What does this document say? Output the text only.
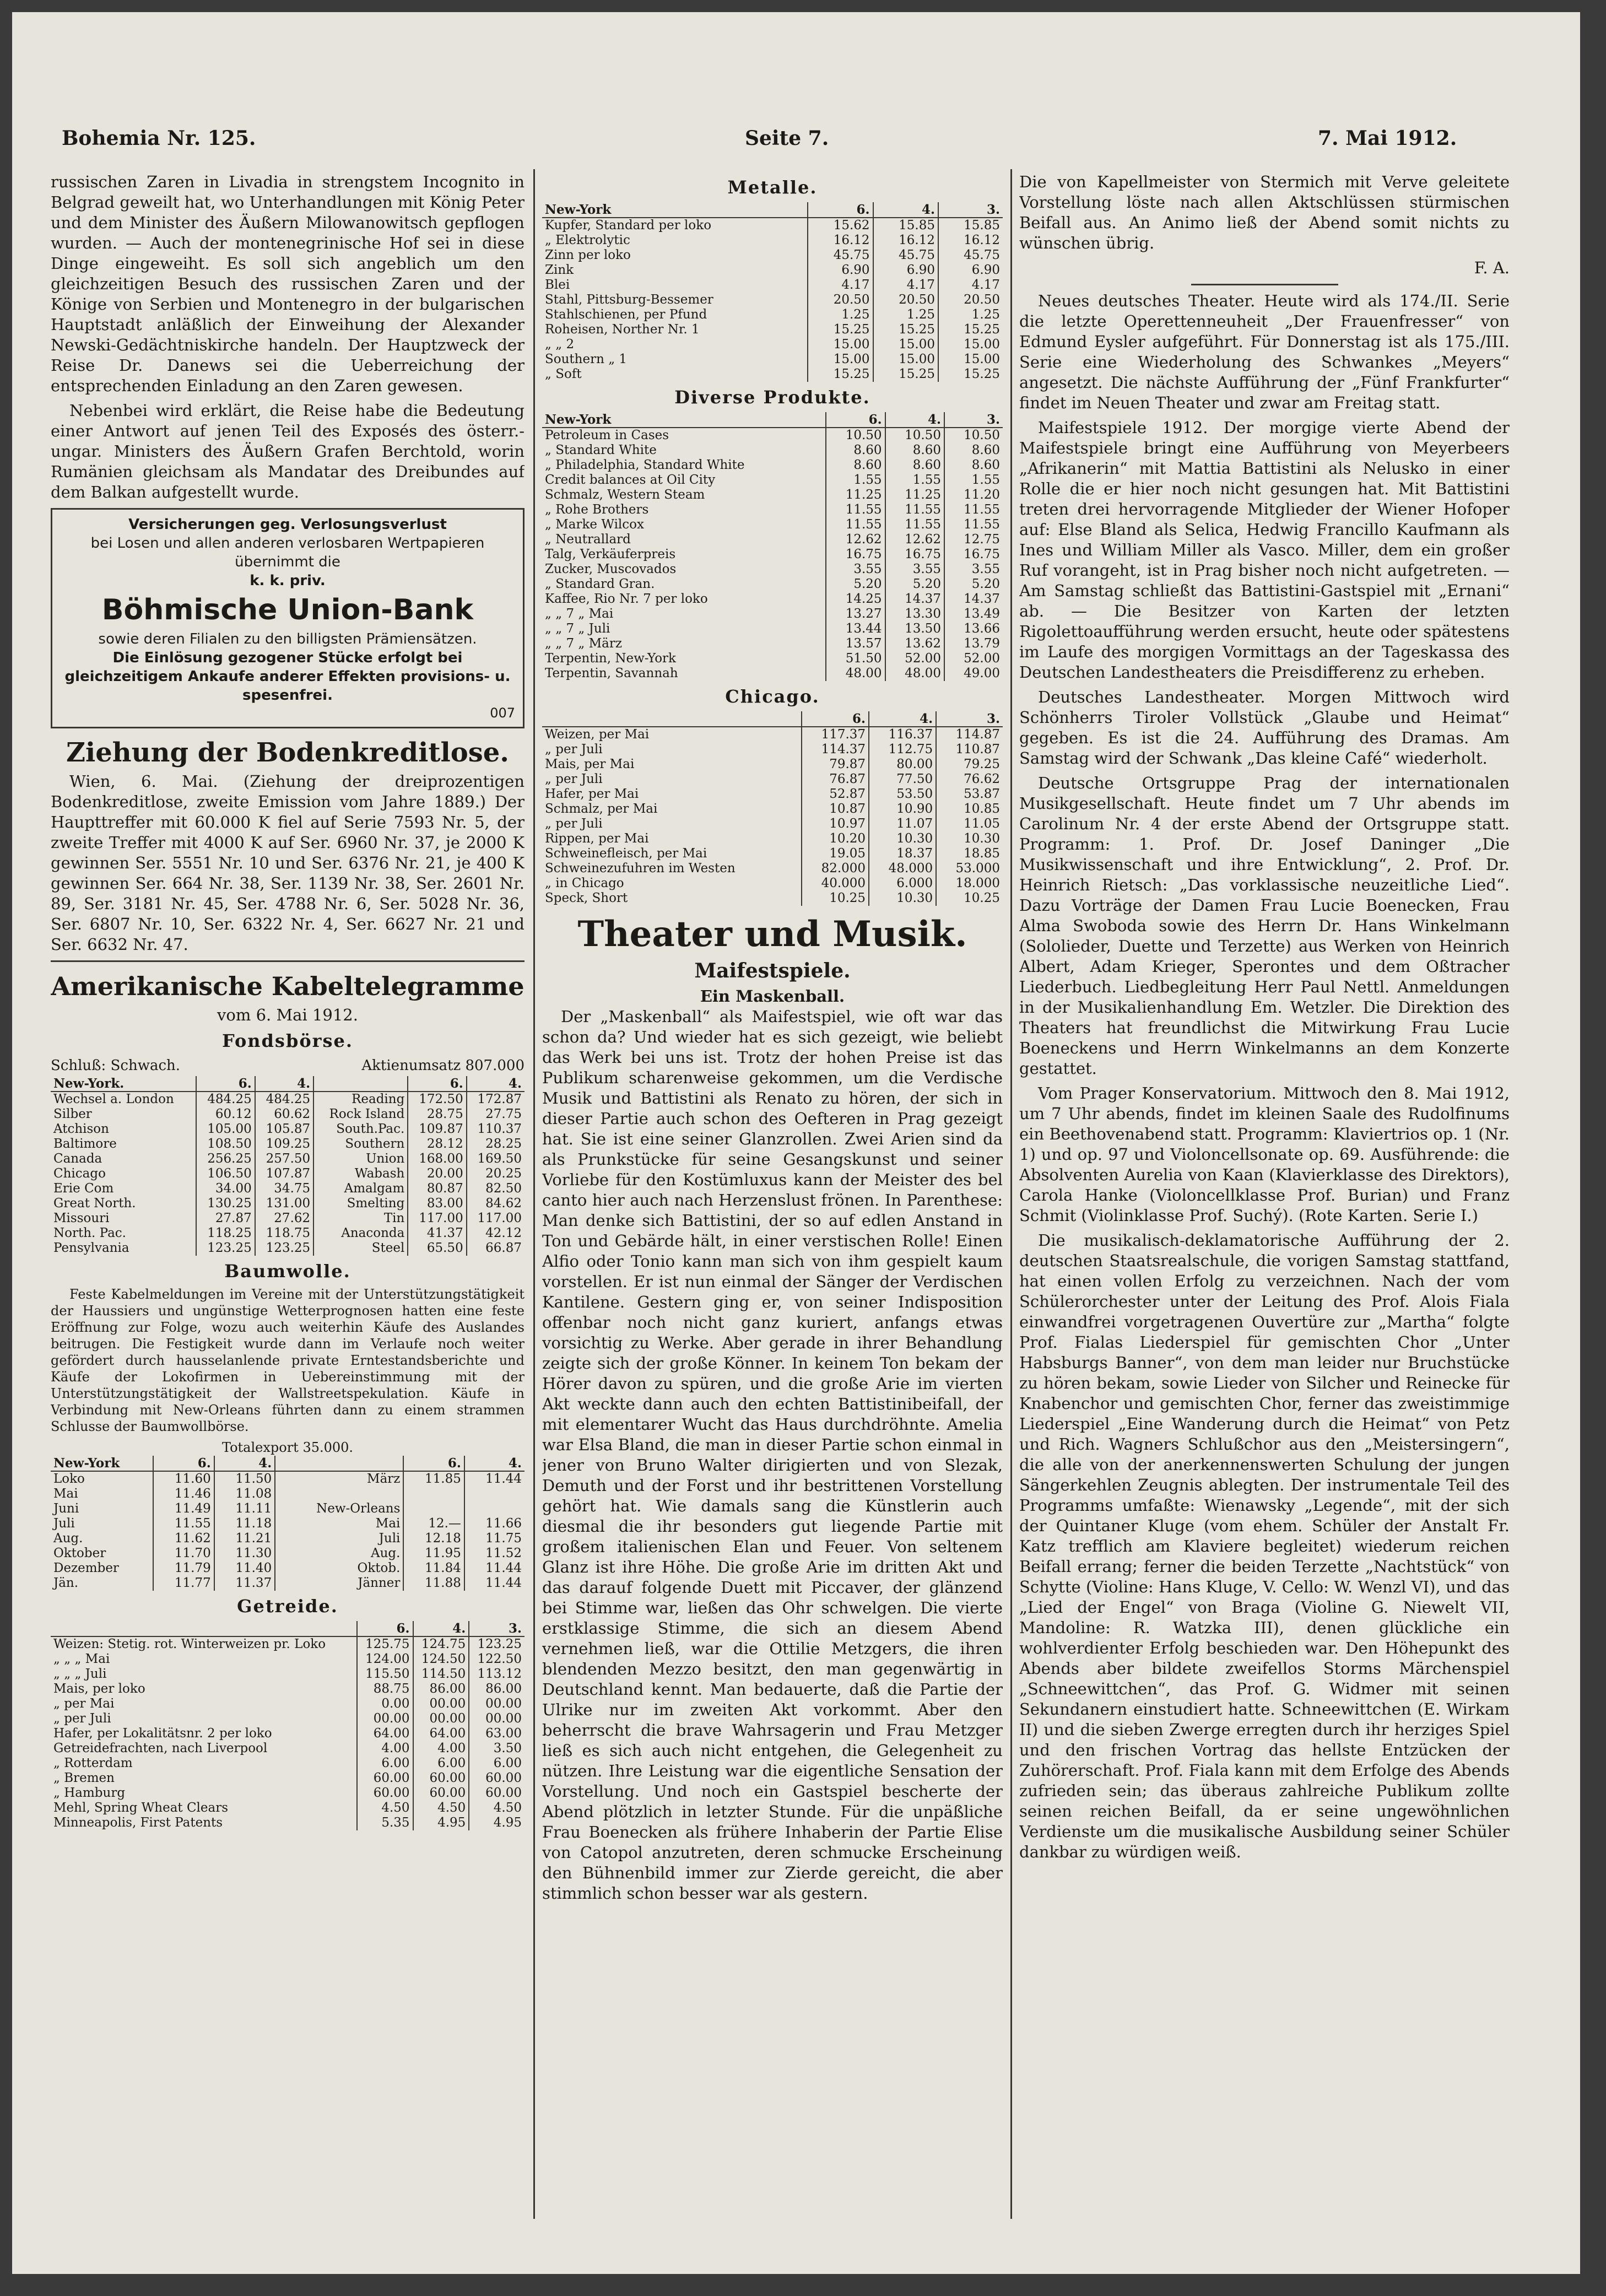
Bohemia Nr. 125.	Seite 7.	7. Mai 1912.

russischen Zaren in Livadia in strengstem Incognito in Belgrad geweilt hat, wo Unterhandlungen mit König Peter und dem Minister des Äußern Milowanowitsch gepflogen wurden. — Auch der montenegrinische Hof sei in diese Dinge eingeweiht. Es soll sich angeblich um den gleichzeitigen Besuch des russischen Zaren und der Könige von Serbien und Montenegro in der bulgarischen Hauptstadt anläßlich der Einweihung der Alexander Newski-Gedächtniskirche handeln. Der Hauptzweck der Reise Dr. Danews sei die Ueberreichung der entsprechenden Einladung an den Zaren gewesen.

Nebenbei wird erklärt, die Reise habe die Bedeutung einer Antwort auf jenen Teil des Exposés des österr.-ungar. Ministers des Äußern Grafen Berchtold, worin Rumänien gleichsam als Mandatar des Dreibundes auf dem Balkan aufgestellt wurde.

Versicherungen geg. Verlosungsverlust
bei Losen und allen anderen verlosbaren Wertpapieren übernimmt die
k. k. priv.
Böhmische Union-Bank
sowie deren Filialen zu den billigsten Prämiensätzen.
Die Einlösung gezogener Stücke erfolgt bei gleichzeitigem Ankaufe anderer Effekten provisions- u. spesenfrei.
007
Ziehung der Bodenkreditlose.

Wien, 6. Mai. (Ziehung der dreiprozentigen Bodenkreditlose, zweite Emission vom Jahre 1889.) Der Haupttreffer mit 60.000 K fiel auf Serie 7593 Nr. 5, der zweite Treffer mit 4000 K auf Ser. 6960 Nr. 37, je 2000 K gewinnen Ser. 5551 Nr. 10 und Ser. 6376 Nr. 21, je 400 K gewinnen Ser. 664 Nr. 38, Ser. 1139 Nr. 38, Ser. 2601 Nr. 89, Ser. 3181 Nr. 45, Ser. 4788 Nr. 6, Ser. 5028 Nr. 36, Ser. 6807 Nr. 10, Ser. 6322 Nr. 4, Ser. 6627 Nr. 21 und Ser. 6632 Nr. 47.

Amerikanische Kabeltelegramme
vom 6. Mai 1912.
Fondsbörse.
Schluß: Schwach.	Aktienumsatz 807.000
New-York.	6.	4.		6.	4.
Wechsel a. London	484.25	484.25	Reading	172.50	172.87
Silber	60.12	60.62	Rock Island	28.75	27.75
Atchison	105.00	105.87	South.Pac.	109.87	110.37
Baltimore	108.50	109.25	Southern	28.12	28.25
Canada	256.25	257.50	Union	168.00	169.50
Chicago	106.50	107.87	Wabash	20.00	20.25
Erie Com	34.00	34.75	Amalgam	80.87	82.50
Great North.	130.25	131.00	Smelting	83.00	84.62
Missouri	27.87	27.62	Tin	117.00	117.00
North. Pac.	118.25	118.75	Anaconda	41.37	42.12
Pensylvania	123.25	123.25	Steel	65.50	66.87
Baumwolle.

Feste Kabelmeldungen im Vereine mit der Unterstützungstätigkeit der Haussiers und ungünstige Wetterprognosen hatten eine feste Eröffnung zur Folge, wozu auch weiterhin Käufe des Auslandes beitrugen. Die Festigkeit wurde dann im Verlaufe noch weiter gefördert durch hausselanlende private Erntestandsberichte und Käufe der Lokofirmen in Uebereinstimmung mit der Unterstützungstätigkeit der Wallstreetspekulation. Käufe in Verbindung mit New-Orleans führten dann zu einem strammen Schlusse der Baumwollbörse.

Totalexport 35.000.
New-York	6.	4.		6.	4.
Loko	11.60	11.50	März	11.85	11.44
Mai	11.46	11.08			
Juni	11.49	11.11	New-Orleans		
Juli	11.55	11.18	Mai	12.—	11.66
Aug.	11.62	11.21	Juli	12.18	11.75
Oktober	11.70	11.30	Aug.	11.95	11.52
Dezember	11.79	11.40	Oktob.	11.84	11.44
Jän.	11.77	11.37	Jänner	11.88	11.44
Getreide.
	6.	4.	3.
Weizen: Stetig. rot. Winterweizen pr. Loko	125.75	124.75	123.25
„ „ „ Mai	124.00	124.50	122.50
„ „ „ Juli	115.50	114.50	113.12
Mais, per loko	88.75	86.00	86.00
„ per Mai	0.00	00.00	00.00
„ per Juli	00.00	00.00	00.00
Hafer, per Lokalitätsnr. 2 per loko	64.00	64.00	63.00
Getreidefrachten, nach Liverpool	4.00	4.00	3.50
„ Rotterdam	6.00	6.00	6.00
„ Bremen	60.00	60.00	60.00
„ Hamburg	60.00	60.00	60.00
Mehl, Spring Wheat Clears	4.50	4.50	4.50
Minneapolis, First Patents	5.35	4.95	4.95
Metalle.
New-York	6.	4.	3.
Kupfer, Standard per loko	15.62	15.85	15.85
„ Elektrolytic	16.12	16.12	16.12
Zinn per loko	45.75	45.75	45.75
Zink	6.90	6.90	6.90
Blei	4.17	4.17	4.17
Stahl, Pittsburg-Bessemer	20.50	20.50	20.50
Stahlschienen, per Pfund	1.25	1.25	1.25
Roheisen, Norther Nr. 1	15.25	15.25	15.25
„ „ 2	15.00	15.00	15.00
Southern „ 1	15.00	15.00	15.00
„ Soft	15.25	15.25	15.25
Diverse Produkte.
New-York	6.	4.	3.
Petroleum in Cases	10.50	10.50	10.50
„ Standard White	8.60	8.60	8.60
„ Philadelphia, Standard White	8.60	8.60	8.60
Credit balances at Oil City	1.55	1.55	1.55
Schmalz, Western Steam	11.25	11.25	11.20
„ Rohe Brothers	11.55	11.55	11.55
„ Marke Wilcox	11.55	11.55	11.55
„ Neutrallard	12.62	12.62	12.75
Talg, Verkäuferpreis	16.75	16.75	16.75
Zucker, Muscovados	3.55	3.55	3.55
„ Standard Gran.	5.20	5.20	5.20
Kaffee, Rio Nr. 7 per loko	14.25	14.37	14.37
„ „ 7 „ Mai	13.27	13.30	13.49
„ „ 7 „ Juli	13.44	13.50	13.66
„ „ 7 „ März	13.57	13.62	13.79
Terpentin, New-York	51.50	52.00	52.00
Terpentin, Savannah	48.00	48.00	49.00
Chicago.
	6.	4.	3.
Weizen, per Mai	117.37	116.37	114.87
„ per Juli	114.37	112.75	110.87
Mais, per Mai	79.87	80.00	79.25
„ per Juli	76.87	77.50	76.62
Hafer, per Mai	52.87	53.50	53.87
Schmalz, per Mai	10.87	10.90	10.85
„ per Juli	10.97	11.07	11.05
Rippen, per Mai	10.20	10.30	10.30
Schweinefleisch, per Mai	19.05	18.37	18.85
Schweinezufuhren im Westen	82.000	48.000	53.000
„ in Chicago	40.000	6.000	18.000
Speck, Short	10.25	10.30	10.25
Theater und Musik.
Maifestspiele.
Ein Maskenball.

Der „Maskenball“ als Maifestspiel, wie oft war das schon da? Und wieder hat es sich gezeigt, wie beliebt das Werk bei uns ist. Trotz der hohen Preise ist das Publikum scharenweise gekommen, um die Verdische Musik und Battistini als Renato zu hören, der sich in dieser Partie auch schon des Oefteren in Prag gezeigt hat. Sie ist eine seiner Glanzrollen. Zwei Arien sind da als Prunkstücke für seine Gesangskunst und seiner Vorliebe für den Kostümluxus kann der Meister des bel canto hier auch nach Herzenslust frönen. In Parenthese: Man denke sich Battistini, der so auf edlen Anstand in Ton und Gebärde hält, in einer verstischen Rolle! Einen Alfio oder Tonio kann man sich von ihm gespielt kaum vorstellen. Er ist nun einmal der Sänger der Verdischen Kantilene. Gestern ging er, von seiner Indisposition offenbar noch nicht ganz kuriert, anfangs etwas vorsichtig zu Werke. Aber gerade in ihrer Behandlung zeigte sich der große Könner. In keinem Ton bekam der Hörer davon zu spüren, und die große Arie im vierten Akt weckte dann auch den echten Battistinibeifall, der mit elementarer Wucht das Haus durchdröhnte. Amelia war Elsa Bland, die man in dieser Partie schon einmal in jener von Bruno Walter dirigierten und von Slezak, Demuth und der Forst und ihr bestrittenen Vorstellung gehört hat. Wie damals sang die Künstlerin auch diesmal die ihr besonders gut liegende Partie mit großem italienischen Elan und Feuer. Von seltenem Glanz ist ihre Höhe. Die große Arie im dritten Akt und das darauf folgende Duett mit Piccaver, der glänzend bei Stimme war, ließen das Ohr schwelgen. Die vierte erstklassige Stimme, die sich an diesem Abend vernehmen ließ, war die Ottilie Metzgers, die ihren blendenden Mezzo besitzt, den man gegenwärtig in Deutschland kennt. Man bedauerte, daß die Partie der Ulrike nur im zweiten Akt vorkommt. Aber den beherrscht die brave Wahrsagerin und Frau Metzger ließ es sich auch nicht entgehen, die Gelegenheit zu nützen. Ihre Leistung war die eigentliche Sensation der Vorstellung. Und noch ein Gastspiel bescherte der Abend plötzlich in letzter Stunde. Für die unpäßliche Frau Boenecken als frühere Inhaberin der Partie Elise von Catopol anzutreten, deren schmucke Erscheinung den Bühnenbild immer zur Zierde gereicht, die aber stimmlich schon besser war als gestern.

Die von Kapellmeister von Stermich mit Verve geleitete Vorstellung löste nach allen Aktschlüssen stürmischen Beifall aus. An Animo ließ der Abend somit nichts zu wünschen übrig.

F. A.

Neues deutsches Theater. Heute wird als 174./II. Serie die letzte Operettenneuheit „Der Frauenfresser“ von Edmund Eysler aufgeführt. Für Donnerstag ist als 175./III. Serie eine Wiederholung des Schwankes „Meyers“ angesetzt. Die nächste Aufführung der „Fünf Frankfurter“ findet im Neuen Theater und zwar am Freitag statt.

Maifestspiele 1912. Der morgige vierte Abend der Maifestspiele bringt eine Aufführung von Meyerbeers „Afrikanerin“ mit Mattia Battistini als Nelusko in einer Rolle die er hier noch nicht gesungen hat. Mit Battistini treten drei hervorragende Mitglieder der Wiener Hofoper auf: Else Bland als Selica, Hedwig Francillo Kaufmann als Ines und William Miller als Vasco. Miller, dem ein großer Ruf vorangeht, ist in Prag bisher noch nicht aufgetreten. — Am Samstag schließt das Battistini-Gastspiel mit „Ernani“ ab. — Die Besitzer von Karten der letzten Rigolettoaufführung werden ersucht, heute oder spätestens im Laufe des morgigen Vormittags an der Tageskassa des Deutschen Landestheaters die Preisdifferenz zu erheben.

Deutsches Landestheater. Morgen Mittwoch wird Schönherrs Tiroler Vollstück „Glaube und Heimat“ gegeben. Es ist die 24. Aufführung des Dramas. Am Samstag wird der Schwank „Das kleine Café“ wiederholt.

Deutsche Ortsgruppe Prag der internationalen Musikgesellschaft. Heute findet um 7 Uhr abends im Carolinum Nr. 4 der erste Abend der Ortsgruppe statt. Programm: 1. Prof. Dr. Josef Daninger „Die Musikwissenschaft und ihre Entwicklung“, 2. Prof. Dr. Heinrich Rietsch: „Das vorklassische neuzeitliche Lied“. Dazu Vorträge der Damen Frau Lucie Boenecken, Frau Alma Swoboda sowie des Herrn Dr. Hans Winkelmann (Sololieder, Duette und Terzette) aus Werken von Heinrich Albert, Adam Krieger, Sperontes und dem Oßtracher Liederbuch. Liedbegleitung Herr Paul Nettl. Anmeldungen in der Musikalienhandlung Em. Wetzler. Die Direktion des Theaters hat freundlichst die Mitwirkung Frau Lucie Boeneckens und Herrn Winkelmanns an dem Konzerte gestattet.

Vom Prager Konservatorium. Mittwoch den 8. Mai 1912, um 7 Uhr abends, findet im kleinen Saale des Rudolfinums ein Beethovenabend statt. Programm: Klaviertrios op. 1 (Nr. 1) und op. 97 und Violoncellsonate op. 69. Ausführende: die Absolventen Aurelia von Kaan (Klavierklasse des Direktors), Carola Hanke (Violoncellklasse Prof. Burian) und Franz Schmit (Violinklasse Prof. Suchý). (Rote Karten. Serie I.)

Die musikalisch-deklamatorische Aufführung der 2. deutschen Staatsrealschule, die vorigen Samstag stattfand, hat einen vollen Erfolg zu verzeichnen. Nach der vom Schülerorchester unter der Leitung des Prof. Alois Fiala einwandfrei vorgetragenen Ouvertüre zur „Martha“ folgte Prof. Fialas Liederspiel für gemischten Chor „Unter Habsburgs Banner“, von dem man leider nur Bruchstücke zu hören bekam, sowie Lieder von Silcher und Reinecke für Knabenchor und gemischten Chor, ferner das zweistimmige Liederspiel „Eine Wanderung durch die Heimat“ von Petz und Rich. Wagners Schlußchor aus den „Meistersingern“, die alle von der anerkennenswerten Schulung der jungen Sängerkehlen Zeugnis ablegten. Der instrumentale Teil des Programms umfaßte: Wienawsky „Legende“, mit der sich der Quintaner Kluge (vom ehem. Schüler der Anstalt Fr. Katz trefflich am Klaviere begleitet) wiederum reichen Beifall errang; ferner die beiden Terzette „Nachtstück“ von Schytte (Violine: Hans Kluge, V. Cello: W. Wenzl VI), und das „Lied der Engel“ von Braga (Violine G. Niewelt VII, Mandoline: R. Watzka III), denen glückliche ein wohlverdienter Erfolg beschieden war. Den Höhepunkt des Abends aber bildete zweifellos Storms Märchenspiel „Schneewittchen“, das Prof. G. Widmer mit seinen Sekundanern einstudiert hatte. Schneewittchen (E. Wirkam II) und die sieben Zwerge erregten durch ihr herziges Spiel und den frischen Vortrag das hellste Entzücken der Zuhörerschaft. Prof. Fiala kann mit dem Erfolge des Abends zufrieden sein; das überaus zahlreiche Publikum zollte seinen reichen Beifall, da er seine ungewöhnlichen Verdienste um die musikalische Ausbildung seiner Schüler dankbar zu würdigen weiß.
